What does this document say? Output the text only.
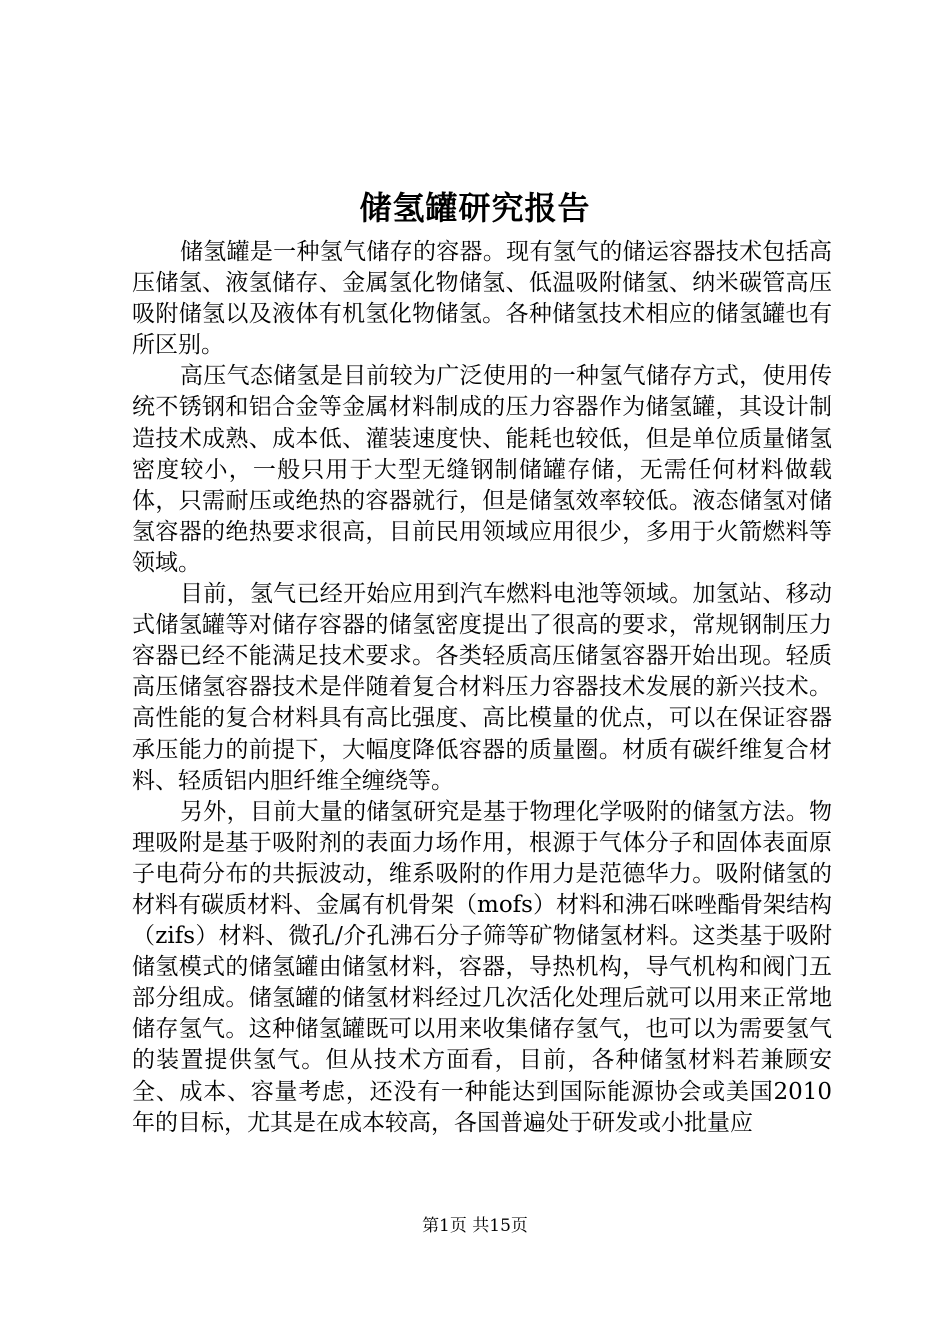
储氢罐研究报告

储氢罐是一种氢气储存的容器。现有氢气的储运容器技术包括高压储氢、液氢储存、金属氢化物储氢、低温吸附储氢、纳米碳管高压吸附储氢以及液体有机氢化物储氢。各种储氢技术相应的储氢罐也有所区别。

高压气态储氢是目前较为广泛使用的一种氢气储存方式，使用传统不锈钢和铝合金等金属材料制成的压力容器作为储氢罐，其设计制造技术成熟、成本低、灌装速度快、能耗也较低，但是单位质量储氢密度较小，一般只用于大型无缝钢制储罐存储，无需任何材料做载体，只需耐压或绝热的容器就行，但是储氢效率较低。液态储氢对储氢容器的绝热要求很高，目前民用领域应用很少，多用于火箭燃料等领域。

目前，氢气已经开始应用到汽车燃料电池等领域。加氢站、移动式储氢罐等对储存容器的储氢密度提出了很高的要求，常规钢制压力容器已经不能满足技术要求。各类轻质高压储氢容器开始出现。轻质高压储氢容器技术是伴随着复合材料压力容器技术发展的新兴技术。高性能的复合材料具有高比强度、高比模量的优点，可以在保证容器承压能力的前提下，大幅度降低容器的质量圈。材质有碳纤维复合材料、轻质铝内胆纤维全缠绕等。

另外，目前大量的储氢研究是基于物理化学吸附的储氢方法。物理吸附是基于吸附剂的表面力场作用，根源于气体分子和固体表面原子电荷分布的共振波动，维系吸附的作用力是范德华力。吸附储氢的材料有碳质材料、金属有机骨架（mofs）材料和沸石咪唑酯骨架结构（zifs）材料、微孔/介孔沸石分子筛等矿物储氢材料。这类基于吸附储氢模式的储氢罐由储氢材料，容器，导热机构，导气机构和阀门五部分组成。储氢罐的储氢材料经过几次活化处理后就可以用来正常地储存氢气。这种储氢罐既可以用来收集储存氢气，也可以为需要氢气的装置提供氢气。但从技术方面看，目前，各种储氢材料若兼顾安全、成本、容量考虑，还没有一种能达到国际能源协会或美国2010年的目标，尤其是在成本较高，各国普遍处于研发或小批量应

第1页 共15页
